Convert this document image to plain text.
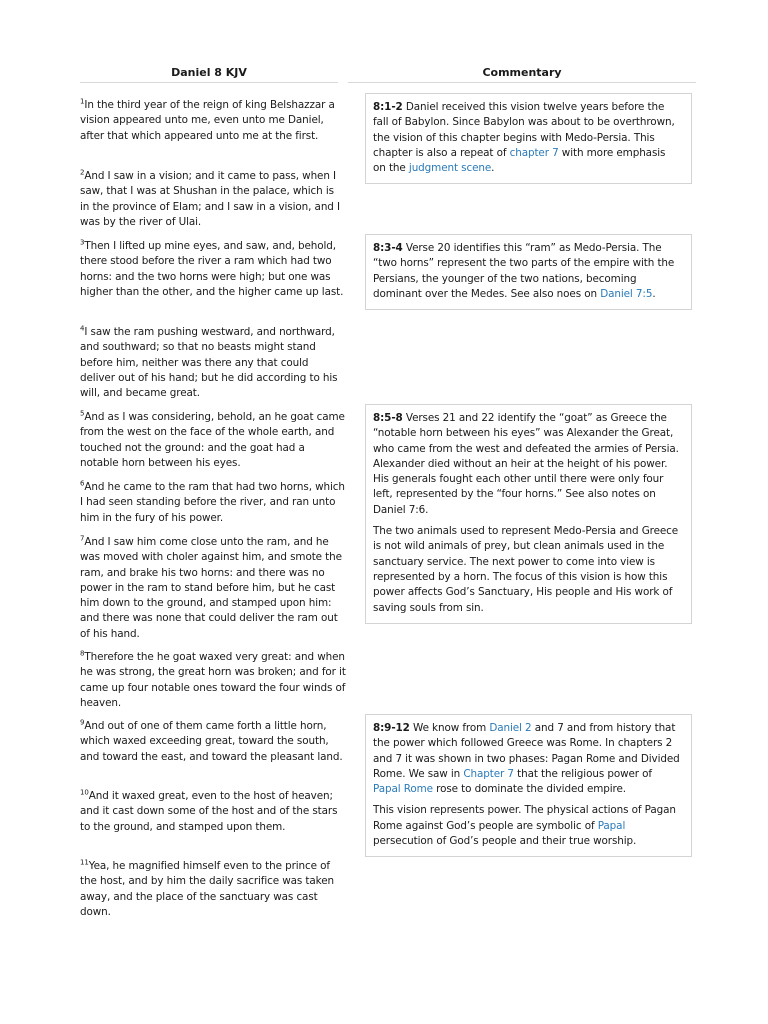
Daniel 8 KJV	Commentary
$^1$In the third year of the reign of king Belshazzar a vision appeared unto me, even unto me Daniel, after that which appeared unto me at the first.
$^2$And I saw in a vision; and it came to pass, when I saw, that I was at Shushan in the palace, which is in the province of Elam; and I saw in a vision, and I was by the river of Ulai.
$^3$Then I lifted up mine eyes, and saw, and, behold, there stood before the river a ram which had two horns: and the two horns were high; but one was higher than the other, and the higher came up last.
$^4$I saw the ram pushing westward, and northward, and southward; so that no beasts might stand before him, neither was there any that could deliver out of his hand; but he did according to his will, and became great.
$^5$And as I was considering, behold, an he goat came from the west on the face of the whole earth, and touched not the ground: and the goat had a notable horn between his eyes.
$^6$And he came to the ram that had two horns, which I had seen standing before the river, and ran unto him in the fury of his power.
$^7$And I saw him come close unto the ram, and he was moved with choler against him, and smote the ram, and brake his two horns: and there was no power in the ram to stand before him, but he cast him down to the ground, and stamped upon him: and there was none that could deliver the ram out of his hand.
$^8$Therefore the he goat waxed very great: and when he was strong, the great horn was broken; and for it came up four notable ones toward the four winds of heaven.
$^9$And out of one of them came forth a little horn, which waxed exceeding great, toward the south, and toward the east, and toward the pleasant land.
$^{10}$And it waxed great, even to the host of heaven; and it cast down some of the host and of the stars to the ground, and stamped upon them.
$^{11}$Yea, he magnified himself even to the prince of the host, and by him the daily sacrifice was taken away, and the place of the sanctuary was cast down.

8:1-2 Daniel received this vision twelve years before the fall of Babylon. Since Babylon was about to be overthrown, the vision of this chapter begins with Medo-Persia. This chapter is also a repeat of chapter 7 with more emphasis on the judgment scene.

8:3-4 Verse 20 identifies this “ram” as Medo-Persia. The “two horns” represent the two parts of the empire with the Persians, the younger of the two nations, becoming dominant over the Medes. See also noes on Daniel 7:5.

8:5-8 Verses 21 and 22 identify the “goat” as Greece the “notable horn between his eyes” was Alexander the Great, who came from the west and defeated the armies of Persia. Alexander died without an heir at the height of his power. His generals fought each other until there were only four left, represented by the “four horns.” See also notes on Daniel 7:6.

The two animals used to represent Medo-Persia and Greece is not wild animals of prey, but clean animals used in the sanctuary service. The next power to come into view is represented by a horn. The focus of this vision is how this power affects God’s Sanctuary, His people and His work of saving souls from sin.

8:9-12 We know from Daniel 2 and 7 and from history that the power which followed Greece was Rome. In chapters 2 and 7 it was shown in two phases: Pagan Rome and Divided Rome. We saw in Chapter 7 that the religious power of Papal Rome rose to dominate the divided empire.

This vision represents power. The physical actions of Pagan Rome against God’s people are symbolic of Papal persecution of God’s people and their true worship.
